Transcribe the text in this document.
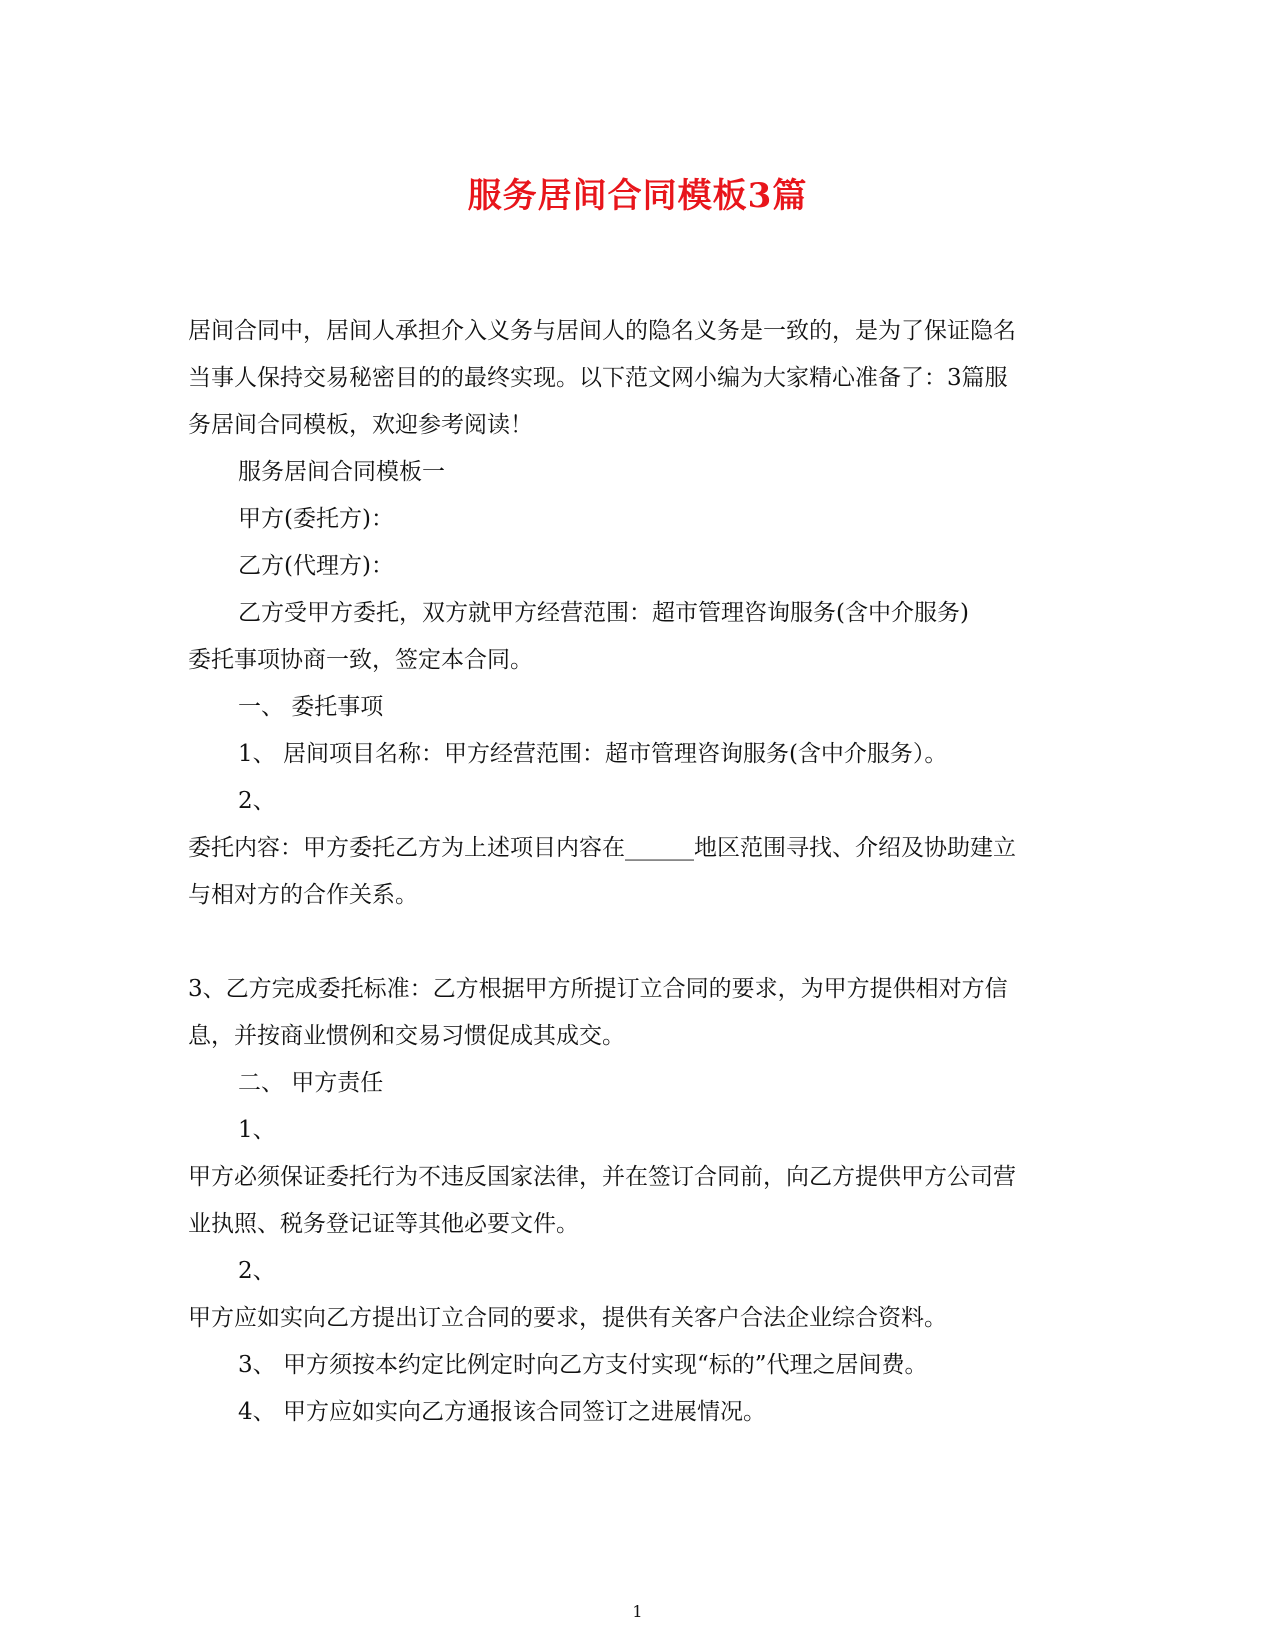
服务居间合同模板3篇
居间合同中，居间人承担介入义务与居间人的隐名义务是一致的，是为了保证隐名
当事人保持交易秘密目的的最终实现。以下范文网小编为大家精心准备了：3篇服
务居间合同模板，欢迎参考阅读！
服务居间合同模板一
甲方(委托方)：
乙方(代理方)：
乙方受甲方委托，双方就甲方经营范围：超市管理咨询服务(含中介服务)
委托事项协商一致，签定本合同。
一、 委托事项
1、 居间项目名称：甲方经营范围：超市管理咨询服务(含中介服务）。
2、
委托内容：甲方委托乙方为上述项目内容在______地区范围寻找、介绍及协助建立
与相对方的合作关系。
3、乙方完成委托标准：乙方根据甲方所提订立合同的要求，为甲方提供相对方信
息，并按商业惯例和交易习惯促成其成交。
二、 甲方责任
1、
甲方必须保证委托行为不违反国家法律，并在签订合同前，向乙方提供甲方公司营
业执照、税务登记证等其他必要文件。
2、
甲方应如实向乙方提出订立合同的要求，提供有关客户合法企业综合资料。
3、 甲方须按本约定比例定时向乙方支付实现“标的”代理之居间费。
4、 甲方应如实向乙方通报该合同签订之进展情况。
1
